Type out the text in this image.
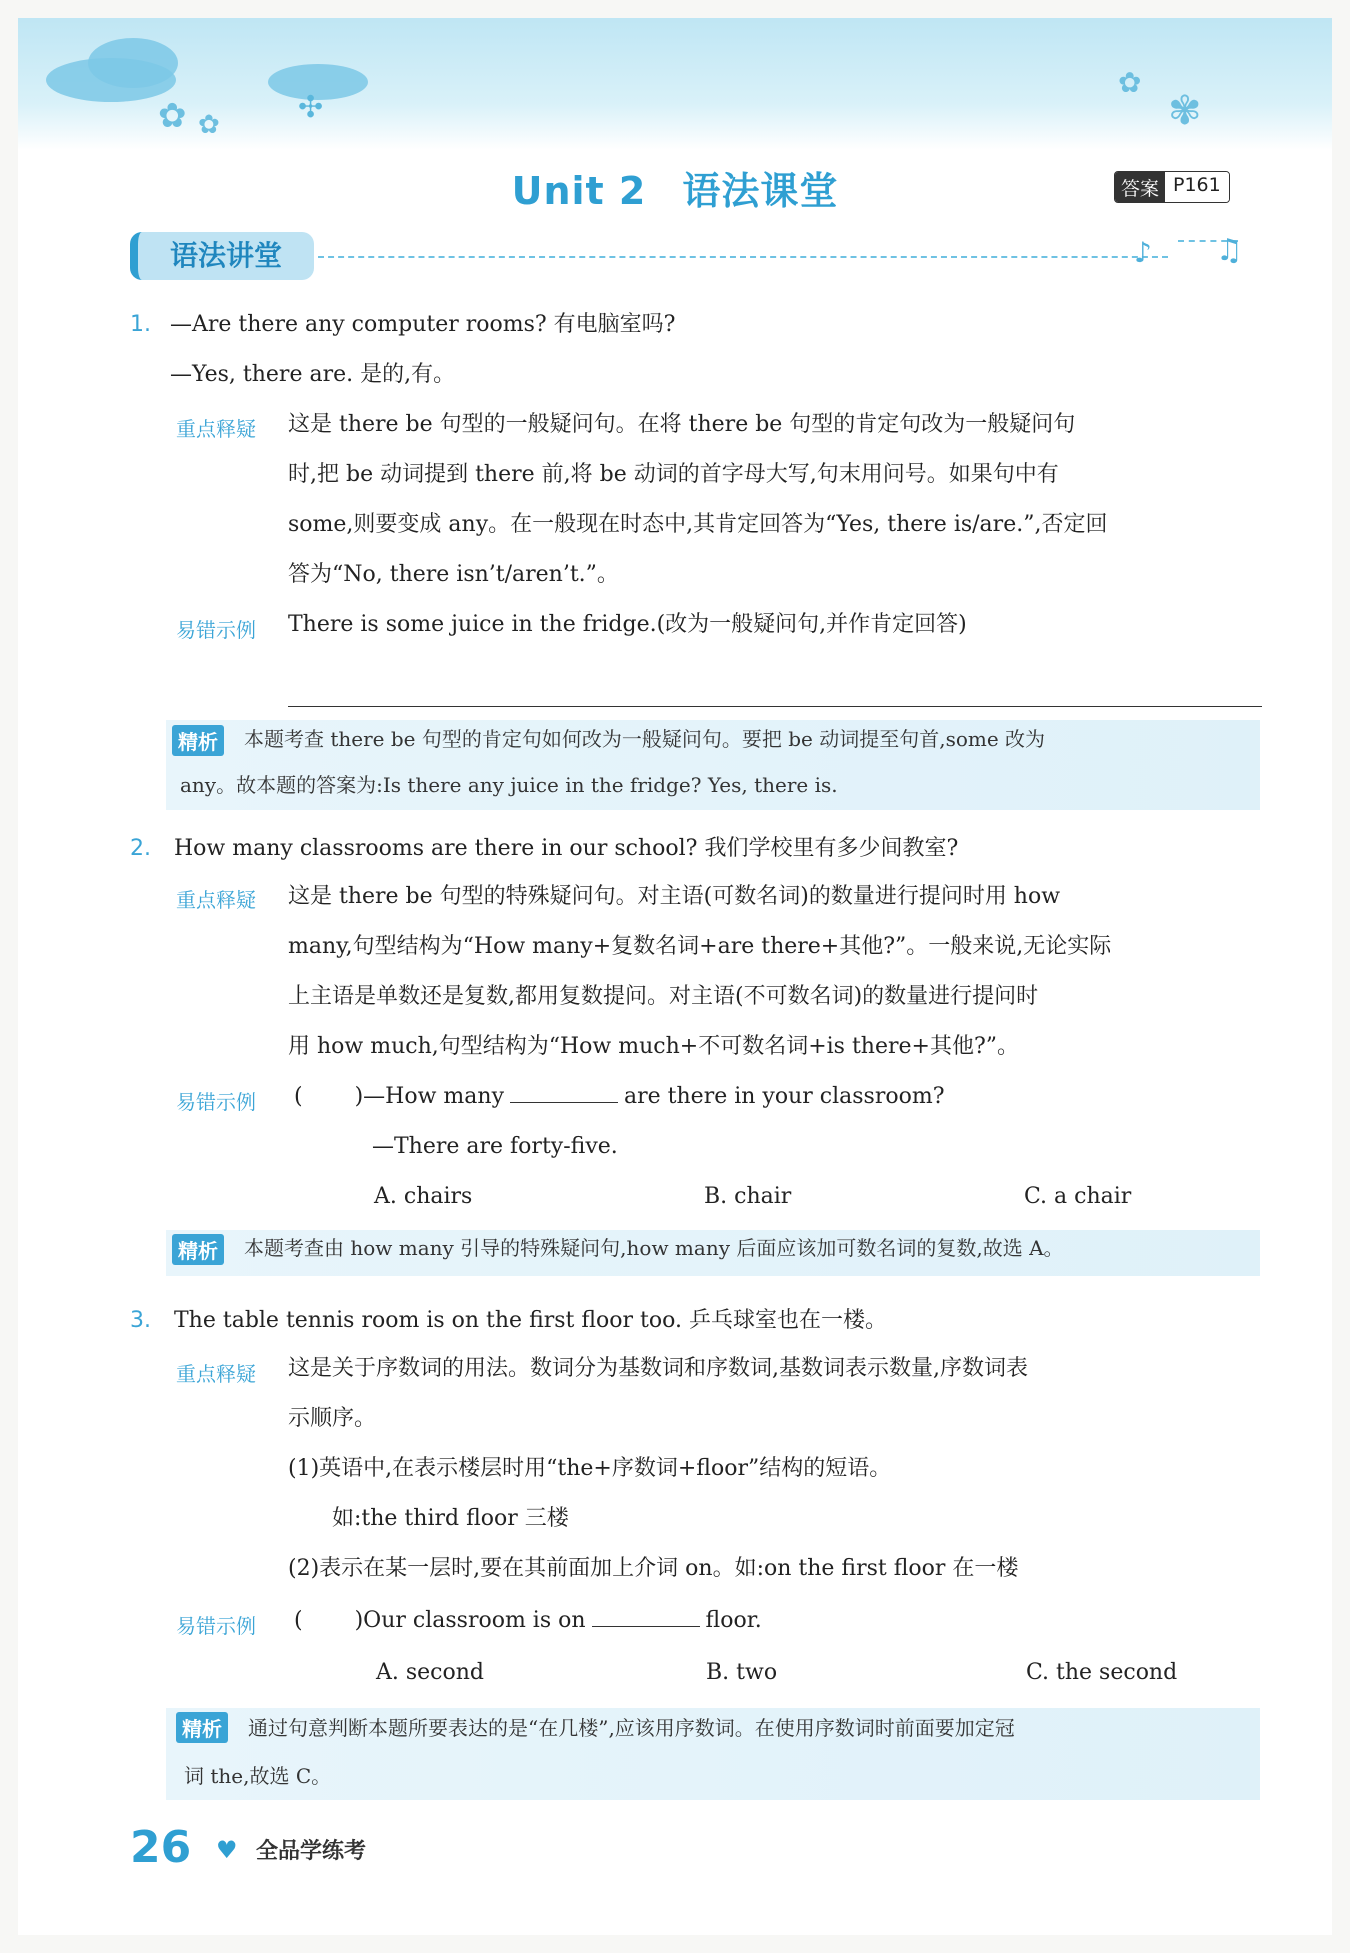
✿ ✿	✣
✿
✾
Unit 2 语法课堂	答案 P161
语法讲堂	♪ ♫
1. —Are there any computer rooms? 有电脑室吗?
—Yes, there are. 是的,有。
重点释疑 这是 there be 句型的一般疑问句。在将 there be 句型的肯定句改为一般疑问句
时,把 be 动词提到 there 前,将 be 动词的首字母大写,句末用问号。如果句中有
some,则要变成 any。在一般现在时态中,其肯定回答为“Yes, there is/are.”,否定回
答为“No, there isn’t/aren’t.”。
易错示例 There is some juice in the fridge.(改为一般疑问句,并作肯定回答)
精析	本题考查 there be 句型的肯定句如何改为一般疑问句。要把 be 动词提至句首,some 改为
any。故本题的答案为:Is there any juice in the fridge? Yes, there is.
2. How many classrooms are there in our school? 我们学校里有多少间教室?
重点释疑 这是 there be 句型的特殊疑问句。对主语(可数名词)的数量进行提问时用 how
many,句型结构为“How many+复数名词+are there+其他?”。一般来说,无论实际
上主语是单数还是复数,都用复数提问。对主语(不可数名词)的数量进行提问时
用 how much,句型结构为“How much+不可数名词+is there+其他?”。
易错示例 ( )—How many	are there in your classroom?
—There are forty-five.
A. chairs	B. chair	C. a chair
精析	本题考查由 how many 引导的特殊疑问句,how many 后面应该加可数名词的复数,故选 A。
3. The table tennis room is on the first floor too. 乒乓球室也在一楼。
重点释疑 这是关于序数词的用法。数词分为基数词和序数词,基数词表示数量,序数词表
示顺序。
(1)英语中,在表示楼层时用“the+序数词+floor”结构的短语。
如:the third floor 三楼
(2)表示在某一层时,要在其前面加上介词 on。如:on the first floor 在一楼
易错示例 ( )Our classroom is on	floor.
A. second	B. two	C. the second
精析	通过句意判断本题所要表达的是“在几楼”,应该用序数词。在使用序数词时前面要加定冠
词 the,故选 C。
26 ♥ 全品学练考
